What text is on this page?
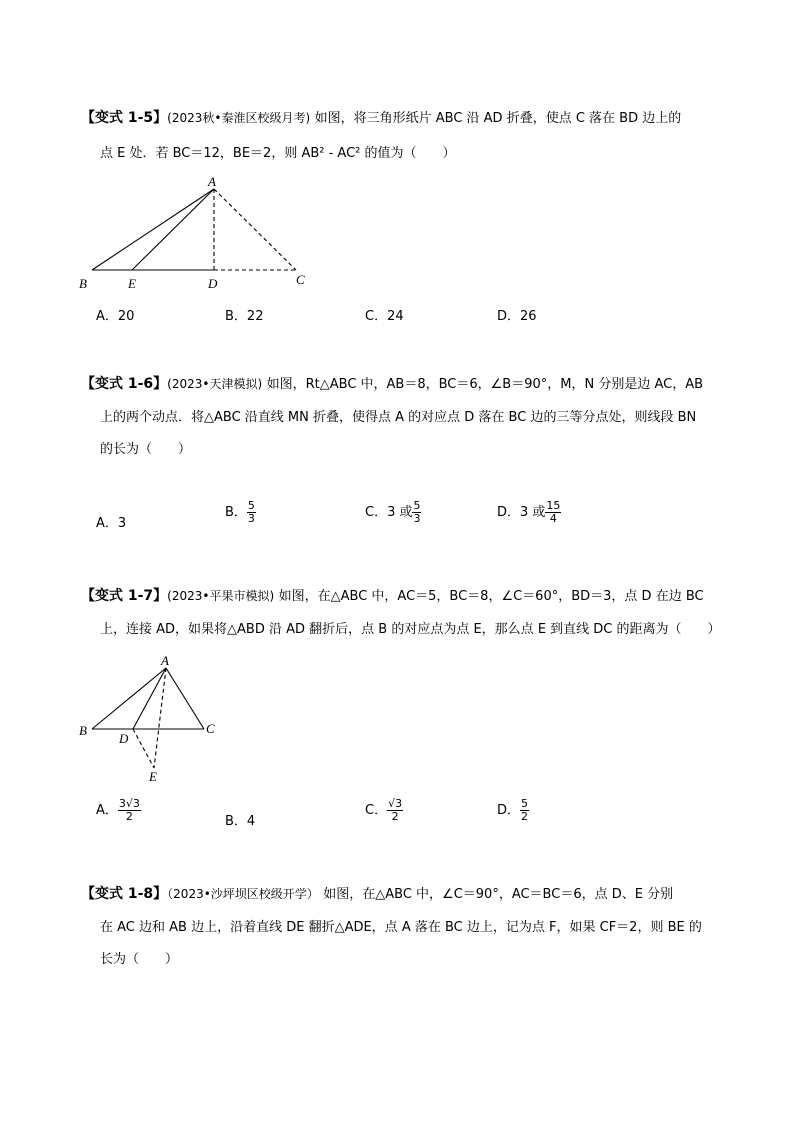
【变式 1-5】(2023秋•秦淮区校级月考) 如图，将三角形纸片 ABC 沿 AD 折叠，使点 C 落在 BD 边上的
点 E 处．若 BC＝12，BE＝2，则 AB² - AC² 的值为（　　）
A
B	E	D	C
A．20	B．22	C．24	D．26
【变式 1-6】(2023•天津模拟) 如图，Rt△ABC 中，AB＝8，BC＝6，∠B＝90°，M，N 分别是边 AC，AB
上的两个动点．将△ABC 沿直线 MN 折叠，使得点 A 的对应点 D 落在 BC 边的三等分点处，则线段 BN
的长为（　　）
A．3
B． $\frac{5}{3}$	C．3 或 $\frac{5}{3}$	D．3 或 $\frac{15}{4}$
【变式 1-7】(2023•平果市模拟) 如图，在△ABC 中，AC＝5，BC＝8，∠C＝60°，BD＝3，点 D 在边 BC
上，连接 AD，如果将△ABD 沿 AD 翻折后，点 B 的对应点为点 E，那么点 E 到直线 DC 的距离为（　　）
A
B
D
C
E
A． $\frac{3√3}{2}$	B．4
C． $\frac{√3}{2}$	D． $\frac{5}{2}$
【变式 1-8】（2023•沙坪坝区校级开学） 如图，在△ABC 中，∠C＝90°，AC＝BC＝6，点 D、E 分别
在 AC 边和 AB 边上，沿着直线 DE 翻折△ADE，点 A 落在 BC 边上，记为点 F，如果 CF＝2，则 BE 的
长为（　　）
